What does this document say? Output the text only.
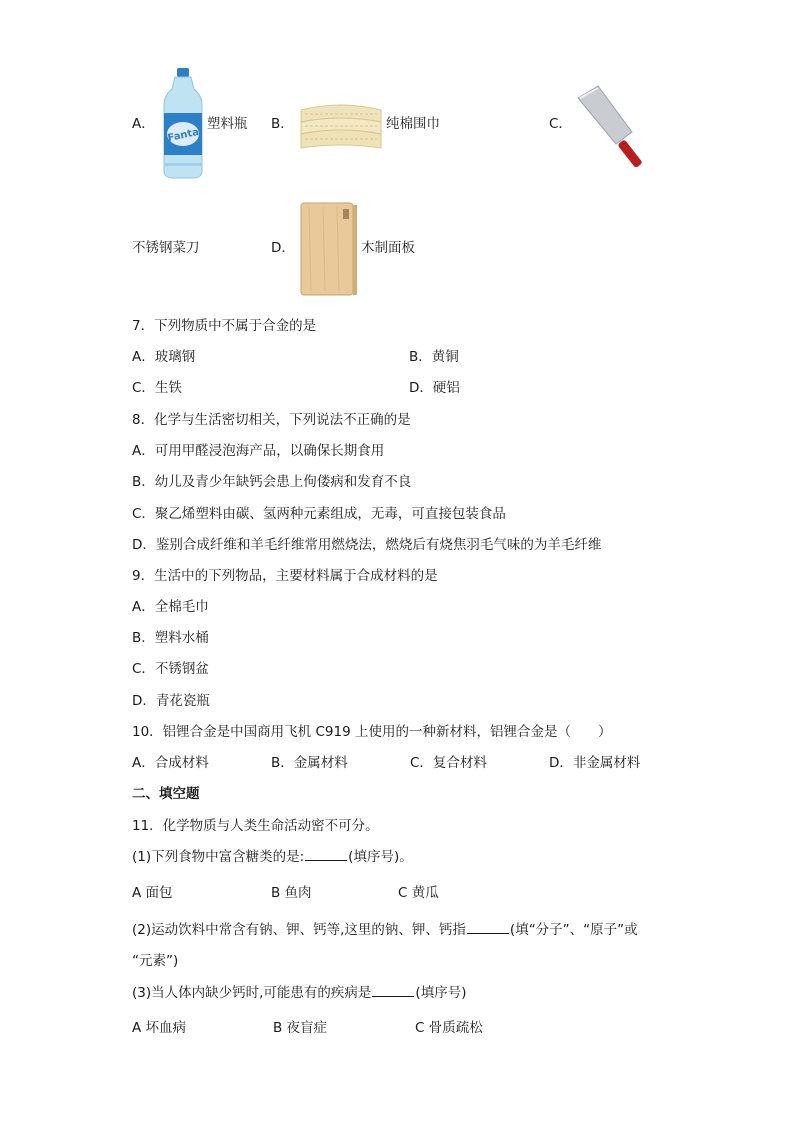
A．
Fanta
塑料瓶 B．	纯棉围巾	C．
不锈钢菜刀	D．	木制面板
7．下列物质中不属于合金的是
A．玻璃钢	B．黄铜
C．生铁	D．硬铝
8．化学与生活密切相关，下列说法不正确的是
A．可用甲醛浸泡海产品，以确保长期食用
B．幼儿及青少年缺钙会患上佝偻病和发育不良
C．聚乙烯塑料由碳、氢两种元素组成，无毒，可直接包装食品
D．鉴别合成纤维和羊毛纤维常用燃烧法，燃烧后有烧焦羽毛气味的为羊毛纤维
9．生活中的下列物品，主要材料属于合成材料的是
A．全棉毛巾
B．塑料水桶
C．不锈钢盆
D．青花瓷瓶
10．铝锂合金是中国商用飞机 C919 上使用的一种新材料，铝锂合金是（　　）
A．合成材料	B．金属材料	C．复合材料	D．非金属材料
二、填空题
11．化学物质与人类生命活动密不可分。
(1)下列食物中富含糖类的是:	(填序号)。
A 面包	B 鱼肉	C 黄瓜
(2)运动饮料中常含有钠、钾、钙等,这里的钠、钾、钙指	(填“分子”、“原子”或
“元素”)
(3)当人体内缺少钙时,可能患有的疾病是	(填序号)
A 坏血病	B 夜盲症	C 骨质疏松
